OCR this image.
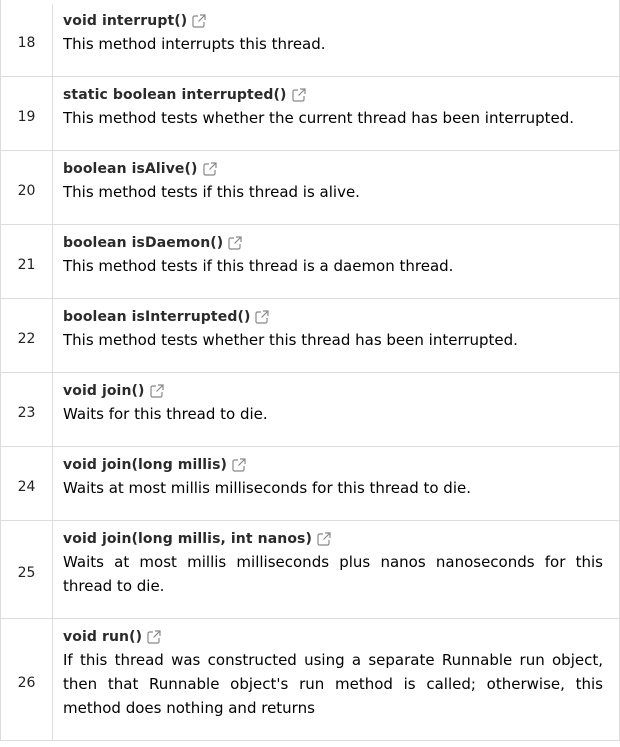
18
void interrupt()
This method interrupts this thread.
19
static boolean interrupted()
This method tests whether the current thread has been interrupted.
20
boolean isAlive()
This method tests if this thread is alive.
21
boolean isDaemon()
This method tests if this thread is a daemon thread.
22
boolean isInterrupted()
This method tests whether this thread has been interrupted.
23
void join()
Waits for this thread to die.
24
void join(long millis)
Waits at most millis milliseconds for this thread to die.
25
void join(long millis, int nanos)
Waits at most millis milliseconds plus nanos nanoseconds for this thread to die.
26
void run()
If this thread was constructed using a separate Runnable run object, then that Runnable object's run method is called; otherwise, this method does nothing and returns
